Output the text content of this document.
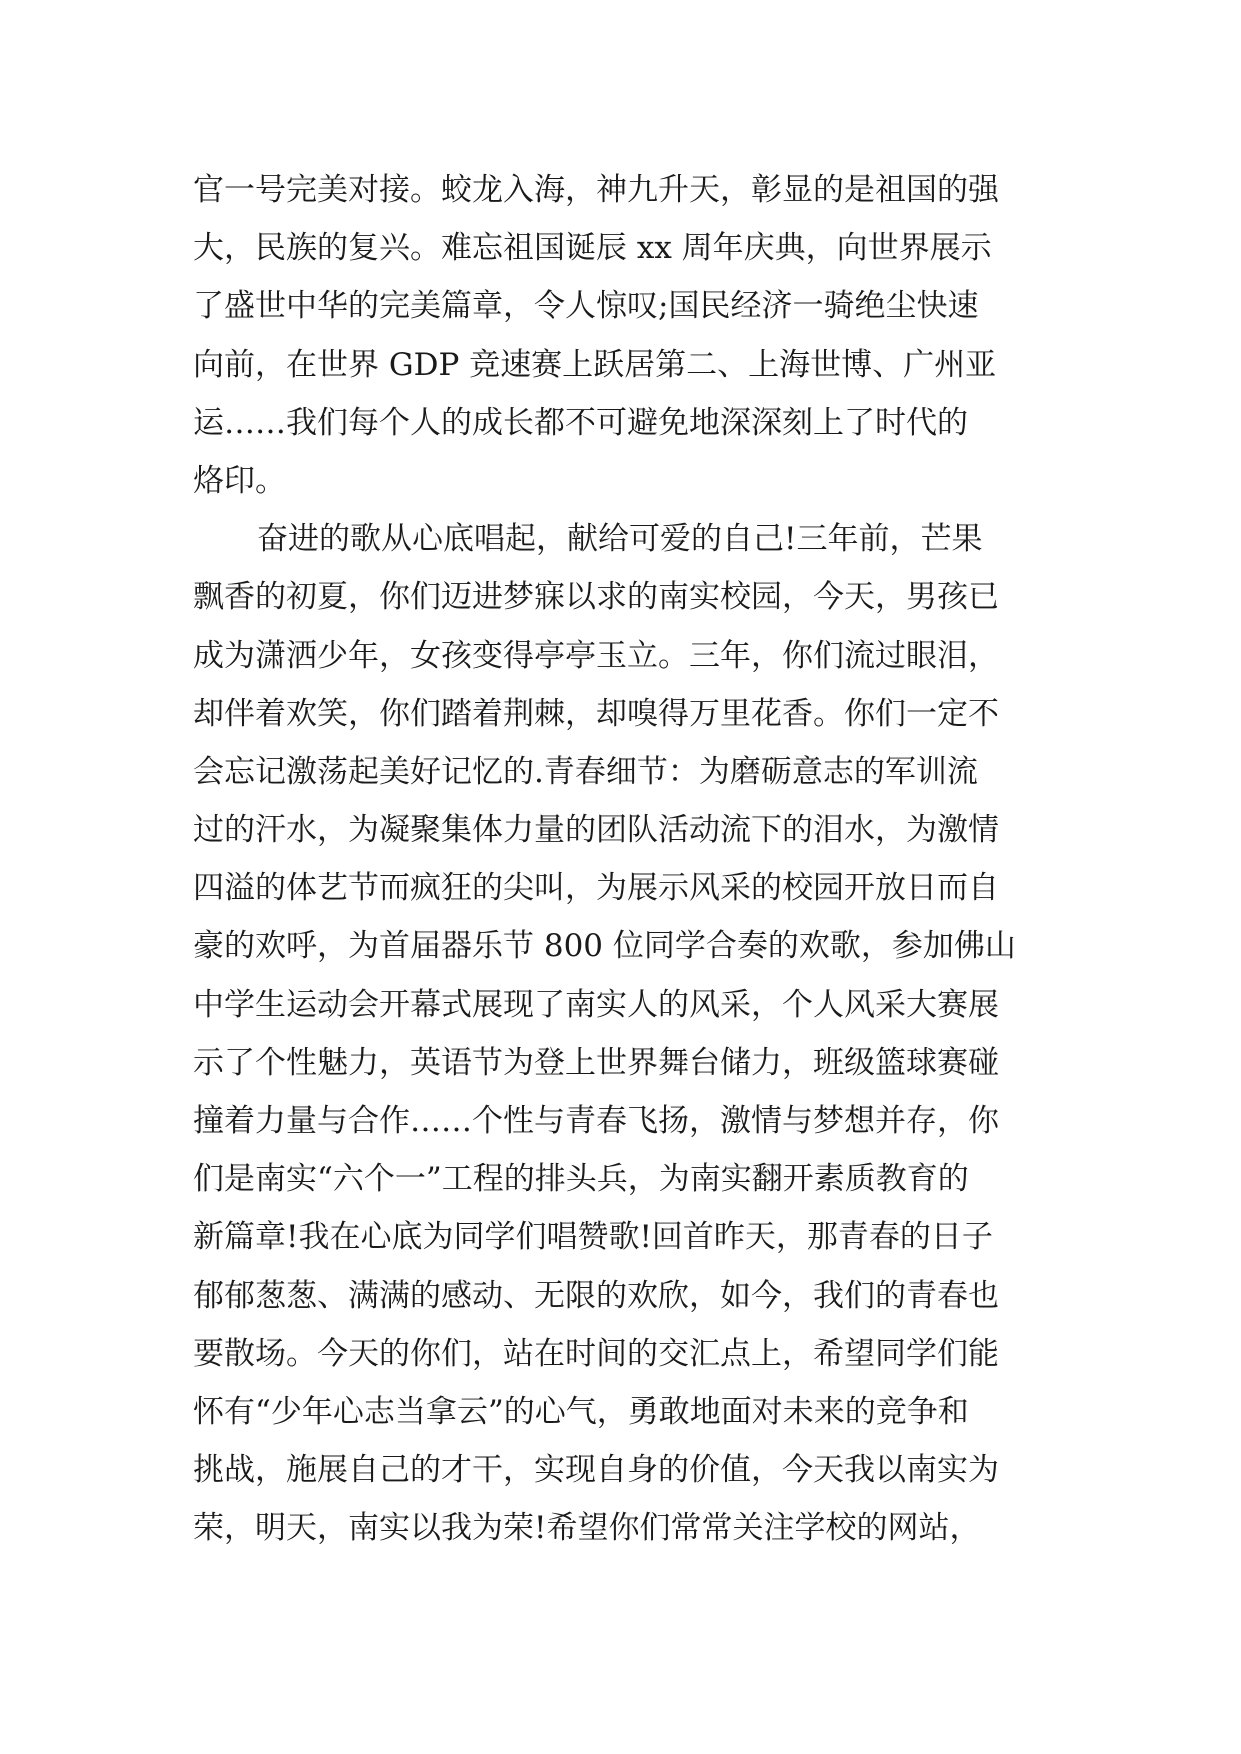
官一号完美对接。蛟龙入海，神九升天，彰显的是祖国的强
大，民族的复兴。难忘祖国诞辰 xx 周年庆典，向世界展示
了盛世中华的完美篇章，令人惊叹;国民经济一骑绝尘快速
向前，在世界 GDP 竞速赛上跃居第二、上海世博、广州亚
运……我们每个人的成长都不可避免地深深刻上了时代的
烙印。
奋进的歌从心底唱起，献给可爱的自己!三年前，芒果
飘香的初夏，你们迈进梦寐以求的南实校园，今天，男孩已
成为潇洒少年，女孩变得亭亭玉立。三年，你们流过眼泪，
却伴着欢笑，你们踏着荆棘，却嗅得万里花香。你们一定不
会忘记激荡起美好记忆的.青春细节：为磨砺意志的军训流
过的汗水，为凝聚集体力量的团队活动流下的泪水，为激情
四溢的体艺节而疯狂的尖叫，为展示风采的校园开放日而自
豪的欢呼，为首届器乐节 800 位同学合奏的欢歌，参加佛山
中学生运动会开幕式展现了南实人的风采，个人风采大赛展
示了个性魅力，英语节为登上世界舞台储力，班级篮球赛碰
撞着力量与合作……个性与青春飞扬，激情与梦想并存，你
们是南实“六个一”工程的排头兵，为南实翻开素质教育的
新篇章!我在心底为同学们唱赞歌!回首昨天，那青春的日子
郁郁葱葱、满满的感动、无限的欢欣，如今，我们的青春也
要散场。今天的你们，站在时间的交汇点上，希望同学们能
怀有“少年心志当拿云”的心气，勇敢地面对未来的竞争和
挑战，施展自己的才干，实现自身的价值，今天我以南实为
荣，明天，南实以我为荣!希望你们常常关注学校的网站，
